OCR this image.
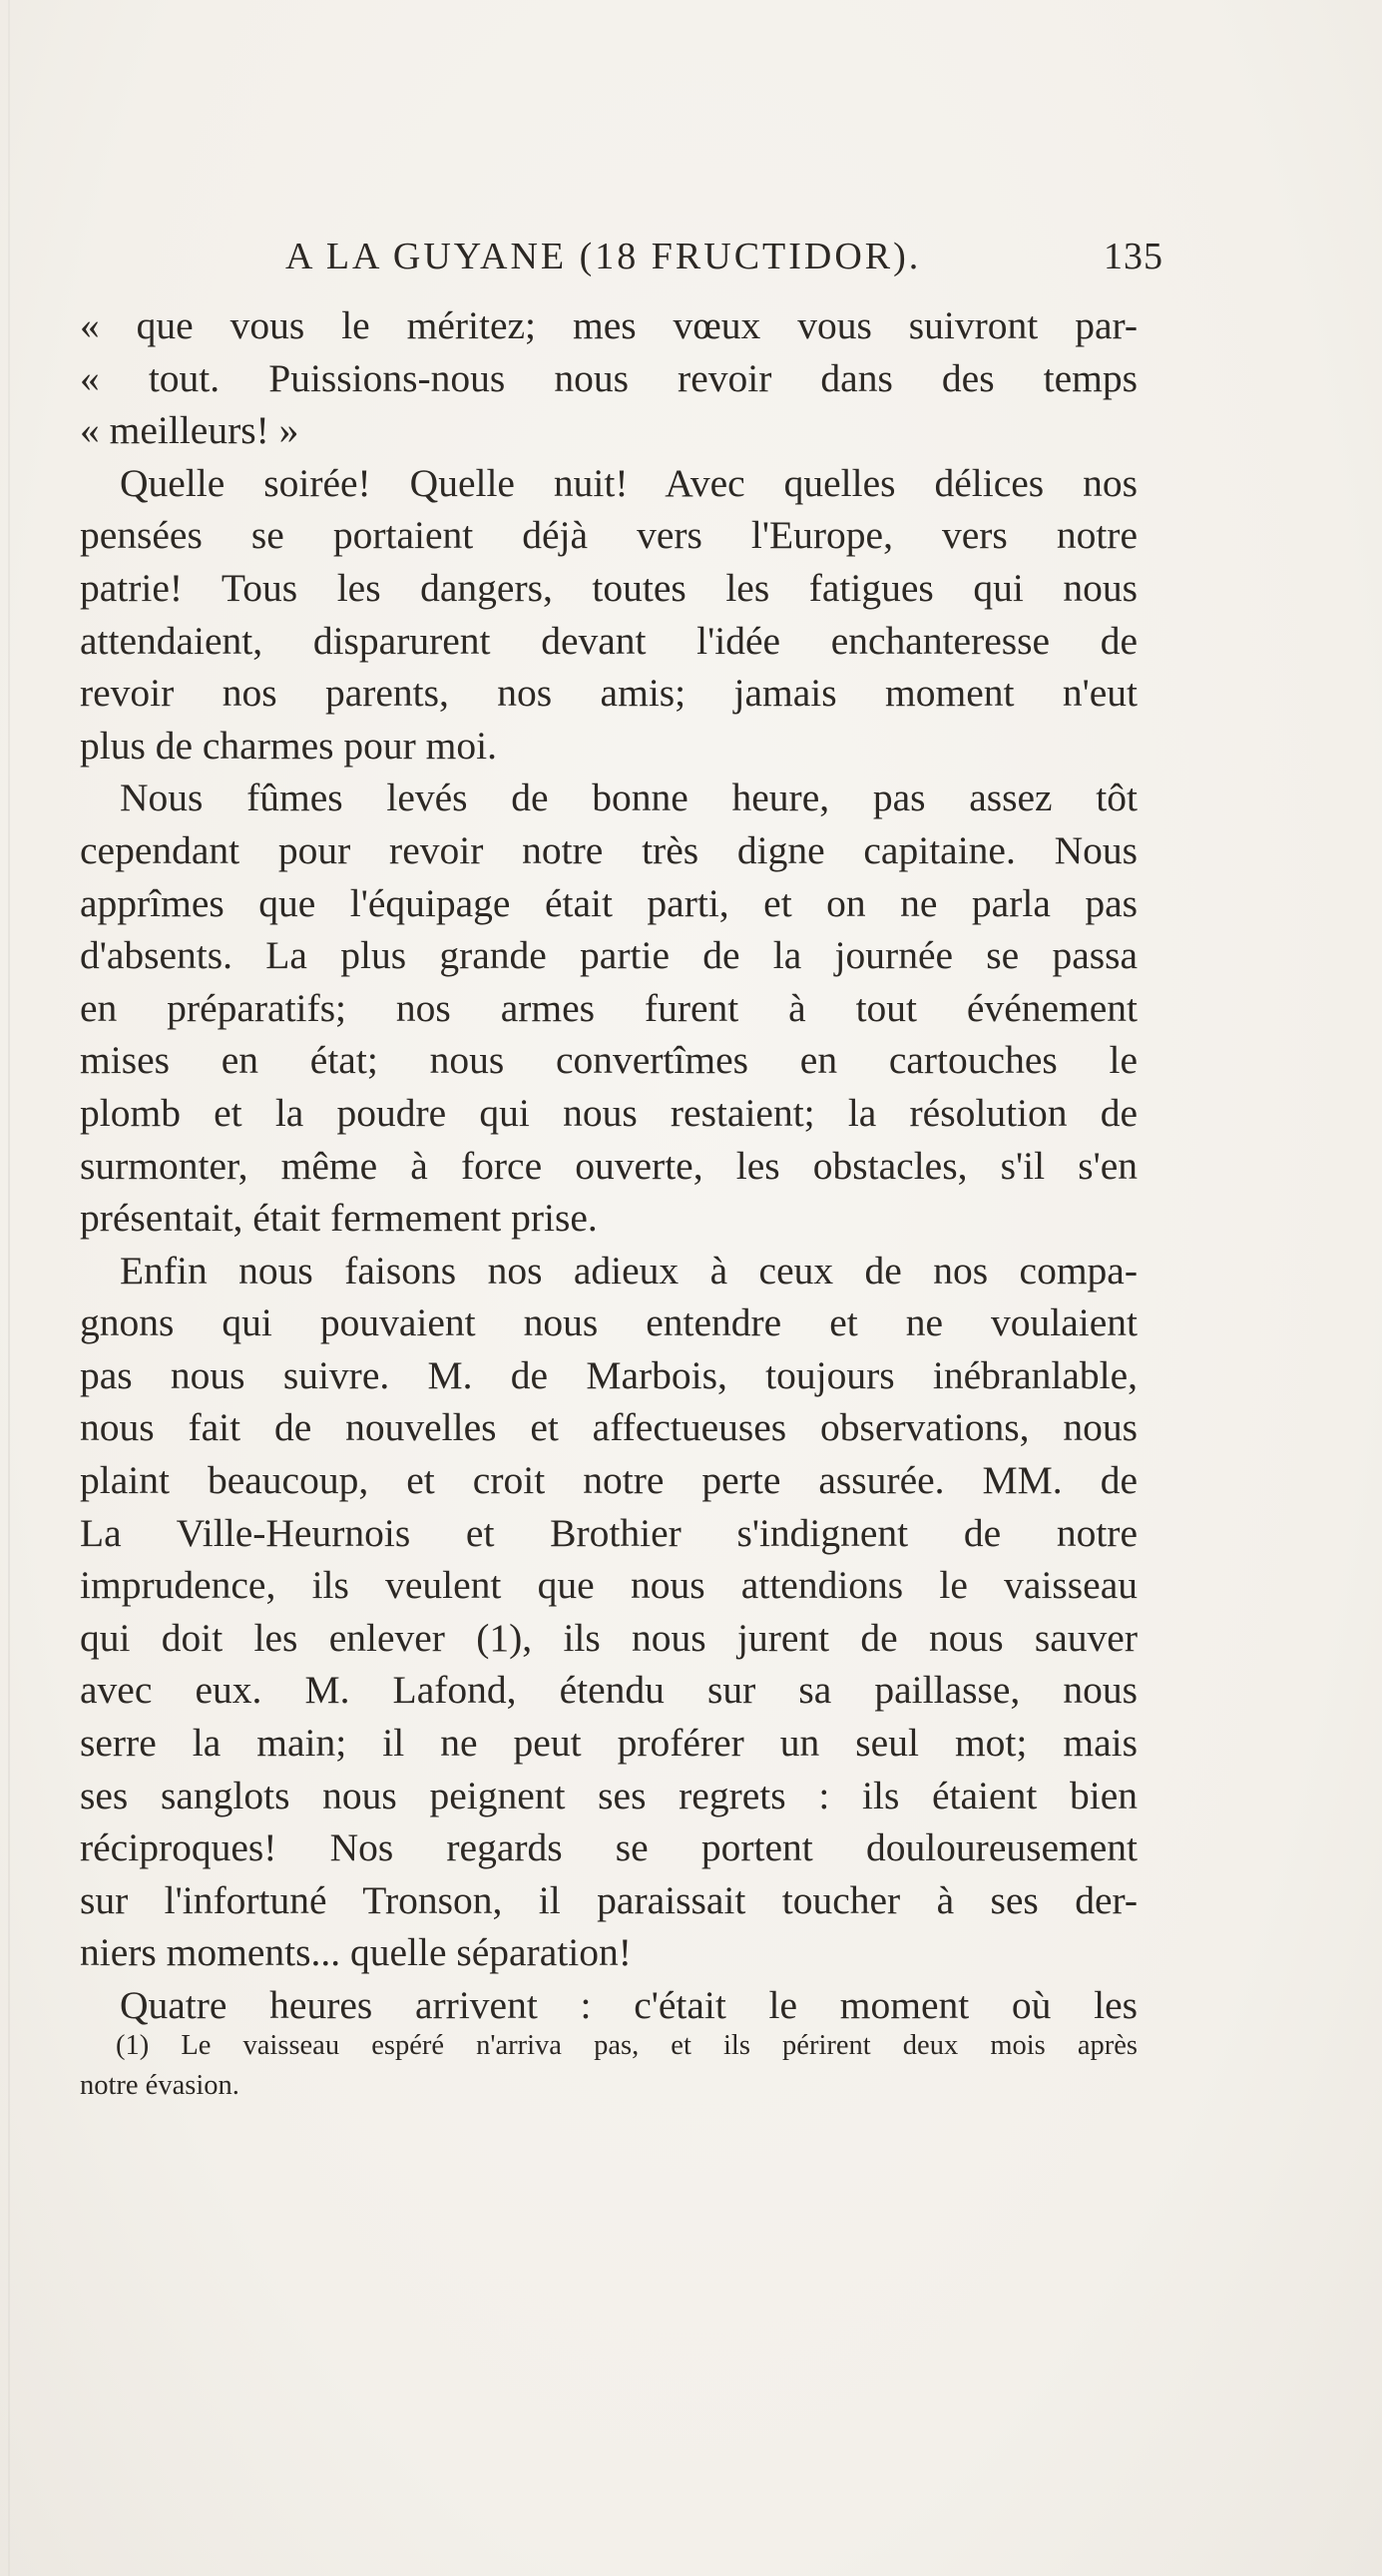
A LA GUYANE (18 FRUCTIDOR).	135
« que vous le méritez; mes vœux vous suivront par-
« tout. Puissions-nous nous revoir dans des temps
« meilleurs! »
Quelle soirée! Quelle nuit! Avec quelles délices nos
pensées se portaient déjà vers l'Europe, vers notre
patrie! Tous les dangers, toutes les fatigues qui nous
attendaient, disparurent devant l'idée enchanteresse de
revoir nos parents, nos amis; jamais moment n'eut
plus de charmes pour moi.
Nous fûmes levés de bonne heure, pas assez tôt
cependant pour revoir notre très digne capitaine. Nous
apprîmes que l'équipage était parti, et on ne parla pas
d'absents. La plus grande partie de la journée se passa
en préparatifs; nos armes furent à tout événement
mises en état; nous convertîmes en cartouches le
plomb et la poudre qui nous restaient; la résolution de
surmonter, même à force ouverte, les obstacles, s'il s'en
présentait, était fermement prise.
Enfin nous faisons nos adieux à ceux de nos compa-
gnons qui pouvaient nous entendre et ne voulaient
pas nous suivre. M. de Marbois, toujours inébranlable,
nous fait de nouvelles et affectueuses observations, nous
plaint beaucoup, et croit notre perte assurée. MM. de
La Ville-Heurnois et Brothier s'indignent de notre
imprudence, ils veulent que nous attendions le vaisseau
qui doit les enlever (1), ils nous jurent de nous sauver
avec eux. M. Lafond, étendu sur sa paillasse, nous
serre la main; il ne peut proférer un seul mot; mais
ses sanglots nous peignent ses regrets : ils étaient bien
réciproques! Nos regards se portent douloureusement
sur l'infortuné Tronson, il paraissait toucher à ses der-
niers moments... quelle séparation!
Quatre heures arrivent : c'était le moment où les
(1) Le vaisseau espéré n'arriva pas, et ils périrent deux mois après
notre évasion.
